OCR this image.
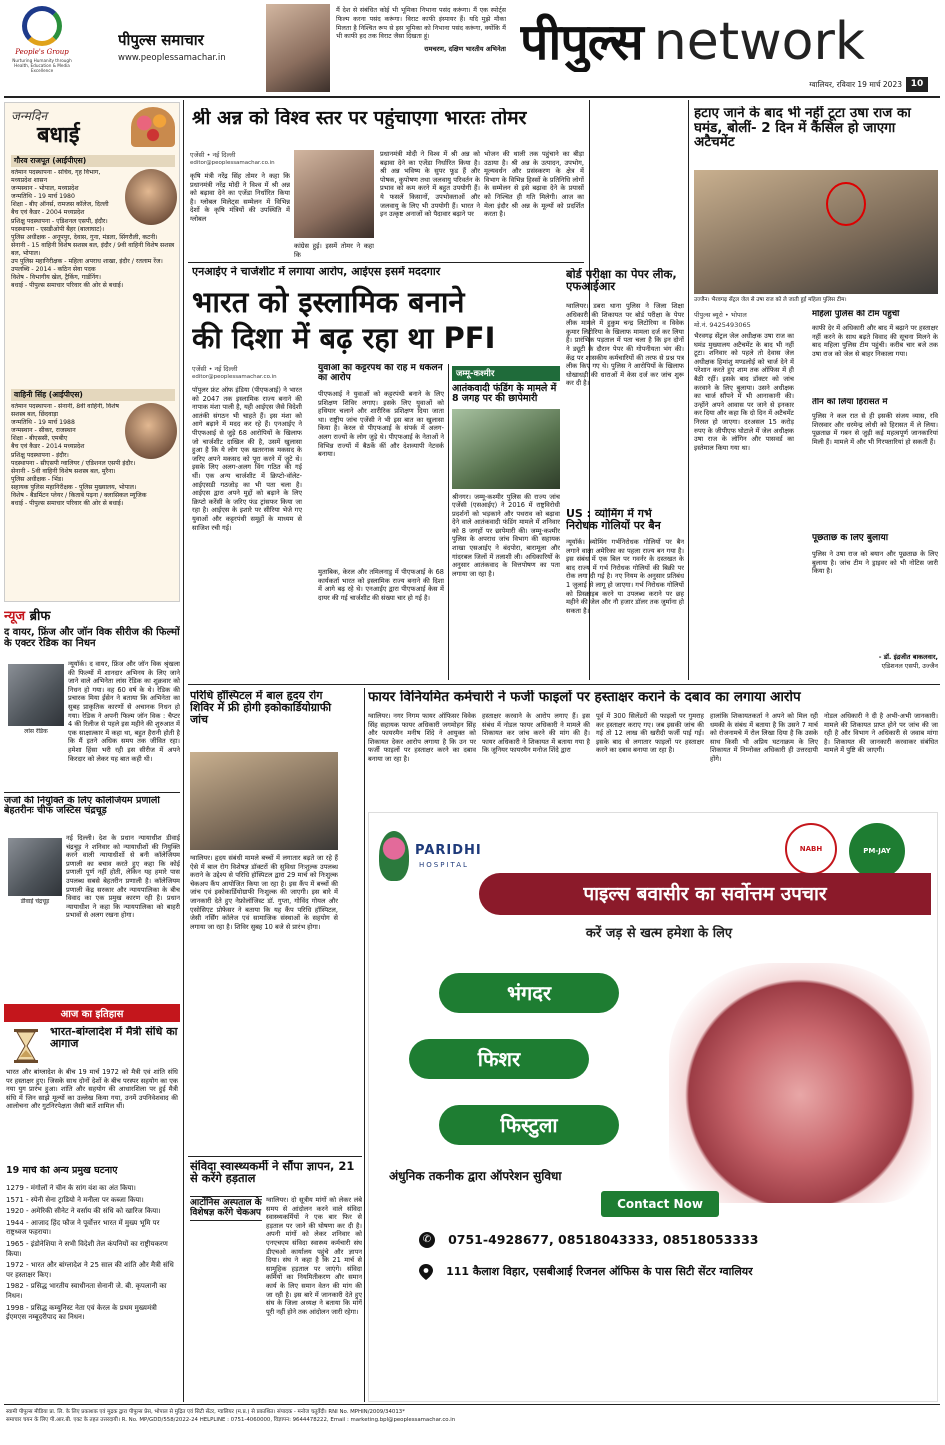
People's Group
Nurturing Humanity through Health, Education & Media Excellence
पीपुल्स समाचार
www.peoplessamachar.in
मैं देश से संबंधित कोई भी भूमिका निभाना पसंद करूंगा। मैं एक स्पोर्ट्स फिल्म करना पसंद करूंगा। विराट काफी इंस्पायर हैं। यदि मुझे मौका मिलता है निश्चित रूप से इस भूमिका को निभाना पसंद करूंगा, क्योंकि मैं भी काफी हद तक विराट जैसा दिखता हूं।
रामचरण, दक्षिण भारतीय अभिनेता पीपुल्स network
ग्वालियर, रविवार 19 मार्च 2023 10
जन्मदिन
बधाई
गौरव राजपूत (आईपीएस)
वर्तमान पदस्थापना - सचिव, गृह विभाग, मध्यप्रदेश शासन
जन्मस्थान - भोपाल, मध्यप्रदेश
जन्मतिथि - 19 मार्च 1980
शिक्षा - बीए ऑनर्स, रामजस कॉलेज, दिल्ली
बैच एवं कैडर - 2004 मध्यप्रदेश
प्रशिक्षु पदस्थापना - एडिशनल एसपी, इंदौर।
पदस्थापना - एसडीओपी बैहर (बालाघाट)।
पुलिस अधीक्षक - अनूपपुर, देवास, गुना, मंडला, सिंगरौली, कटनी।
सेनानी - 15 वाहिनी विशेष सशस्त्र बल, इंदौर / 9वी वाहिनी विशेष सशस्त्र बल, भोपाल।
उप पुलिस महानिरीक्षक - महिला अपराध शाखा, इंदौर / रतलाम रेंज।
उपलब्धि - 2014 - कठिन सेवा पदक
विशेष - विभागीय खेल, ट्रैकिंग, गार्डनिंग।
बधाई - पीपुल्स समाचार परिवार की ओर से बधाई।
वाहिनी सिंह (आईपीएस)
वर्तमान पदस्थापना - सेनानी, 8वी वाहिनी, विशेष सशस्त्र बल, छिंदवाड़ा
जन्मतिथि - 19 मार्च 1988
जन्मस्थान - सीकर, राजस्थान
शिक्षा - बीएससी, एमबीए
बैच एवं कैडर - 2014 मध्यप्रदेश
प्रशिक्षु पदस्थापना - इंदौर।
पदस्थापना - सीएसपी ग्वालियर / एडिशनल एसपी इंदौर।
सेनानी - 5वी वाहिनी विशेष सशस्त्र बल, मुरैना।
पुलिस अधीक्षक - भिंड।
सहायक पुलिस महानिरीक्षक - पुलिस मुख्यालय, भोपाल।
विशेष - बैडमिंटन प्लेयर / किताबें पढ़ना / क्लासिकल म्यूजिक
बधाई - पीपुल्स समाचार परिवार की ओर से बधाई।
न्यूज ब्रीफ
द वायर, फ्रिंज और जॉन विक सीरीज की फिल्मों के एक्टर रेडिक का निधन
लांस रेडिक
न्यूयॉर्क। द वायर, फ्रिंज और जॉन विक श्रृंखला की फिल्मों में शानदार अभिनय के लिए जाने जाने वाले अभिनेता लांस रेडिक का शुक्रवार को निधन हो गया। वह 60 वर्ष के थे। रेडिक की प्रचारक मिया ईसेन ने बताया कि अभिनेता का सुबह प्राकृतिक कारणों से अचानक निधन हो गया। रेडिक ने अपनी फिल्म जॉन विक : चैप्टर 4 की रिलीज से पहले इस महीने की शुरुआत में एक साक्षात्कार में कहा था, बहुत हैरानी होती है कि मैं इतने अधिक समय तक जीवित रहा। हमेशा हिंसा भरी रही इस सीरीज में अपने किरदार को लेकर यह बात कही थी।
जजों की नियुक्ति के लिए कॉलेजियम प्रणाली बेहतरीनः चीफ जस्टिस चंद्रचूड़
नई दिल्ली। देश के प्रधान न्यायाधीश डीवाई चंद्रचूड़ ने शनिवार को न्यायाधीशों की नियुक्ति करने वाली न्यायाधीशों से बनी कॉलेजियम प्रणाली का बचाव करते हुए कहा कि कोई प्रणाली पूर्ण नहीं होती, लेकिन यह हमारे पास उपलब्ध सबसे बेहतरीन प्रणाली है। कॉलेजियम प्रणाली केंद्र सरकार और न्यायपालिका के बीच विवाद का एक प्रमुख कारण रही है। प्रधान न्यायाधीश ने कहा कि न्यायपालिका को बाहरी प्रभावों से अलग रखना होगा।
डीवाई चंद्रचूड़
आज का इतिहास
भारत-बांग्लादेश में मैत्री संधि का आगाज
भारत और बांग्लादेश के बीच 19 मार्च 1972 को मैत्री एवं शांति संधि पर हस्ताक्षर हुए। जिसके साथ दोनों देशों के बीच परस्पर सहयोग का एक नया युग प्रारंभ हुआ। शांति और सहयोग की आधारशिला पर हुई मैत्री संधि में जिन साझे मूल्यों का उल्लेख किया गया, उनमें उपनिवेशवाद की आलोचना और गुटनिरपेक्षता जैसी बातें शामिल थीं।
19 मार्च की अन्य प्रमुख घटनाएं
1279 - मंगोलों ने चीन के सांग वंश का अंत किया।
1571 - स्पेनी सेना ट्राडियो ने मनीला पर कब्जा किया।
1920 - अमेरिकी सीनेट ने वर्साय की संधि को खारिज किया।
1944 - आजाद हिंद फौज ने पूर्वोत्तर भारत में मुख्य भूमि पर राष्ट्रध्वज फहराया।
1965 - इंडोनेशिया ने सभी विदेशी तेल कंपनियों का राष्ट्रीयकरण किया।
1972 - भारत और बांग्लादेश ने 25 साल की शांति और मैत्री संधि पर हस्ताक्षर किए।
1982 - प्रसिद्ध भारतीय स्वाधीनता सेनानी जे. बी. कृपलानी का निधन।
1998 - प्रसिद्ध कम्युनिस्ट नेता एवं केरल के प्रथम मुख्यमंत्री ईएमएस नम्बूदरीपाद का निधन।
श्री अन्न को विश्व स्तर पर पहुंचाएगा भारतः तोमर
एजेंसी • नई दिल्ली
editor@peoplessamachar.co.in
कृषि मंत्री नरेंद्र सिंह तोमर ने कहा कि प्रधानमंत्री नरेंद्र मोदी ने विश्व में श्री अन्न को बढ़ावा देने का एजेंडा निर्धारित किया है। ग्लोबल मिलेट्स सम्मेलन में विभिन्न देशों के कृषि मंत्रियों की उपस्थिति में ग्लोबल
कांग्रेस हुई। इसमें तोमर ने कहा कि
प्रधानमंत्री मोदी ने विश्व में श्री अन्न को बढ़ावा देने का एजेंडा निर्धारित किया है। श्री अन्न भविष्य के सुपर फूड हैं और पोषक, कुपोषण तथा जलवायु परिवर्तन के प्रभाव को कम करने में बहुत उपयोगी हैं। ये फसलें किसानों, उपभोक्ताओं और जलवायु के लिए भी उपयोगी हैं। भारत ने इन उत्कृष्ट अनाजों को पैदावार बढ़ाने पर
भोजन की थाली तक पहुंचाने का बीड़ा उठाया है। श्री अन्न के उत्पादन, उपभोग, मूल्यवर्धन और प्रसंस्करण के क्षेत्र में विभाग के विभिन्न हिस्सों के प्रतिनिधि लोगों के सम्मेलन से इसे बढ़ावा देने के प्रयासों को निश्चित ही गति मिलेगी। आज का मेला इंदौर श्री अन्न के मूल्यों को प्रदर्शित करता है।
एनआईए ने चार्जशीट में लगाया आरोप, आईएस इसमें मददगार
भारत को इस्लामिक बनाने
की दिशा में बढ़ रहा था PFI
एजेंसी • नई दिल्ली
editor@peoplessamachar.co.in
पॉपुलर फ्रंट ऑफ इंडिया (पीएफआई) ने भारत को 2047 तक इस्लामिक राज्य बनाने की नापाक मंशा पाली है, यही आईएस जैसे विदेशी आतंकी संगठन भी चाहते हैं। इस मंशा को आगे बढ़ाने में मदद कर रहे हैं। एनआईए ने पीएफआई से जुड़े 68 आरोपियों के खिलाफ जो चार्जशीट दाखिल की है, उसमें खुलासा हुआ है कि ये लोग एक खतरनाक मकसद के जरिए अपने मकसद को पूरा करने में जुटे थे। इसके लिए अलग-अलग विंग गठित की गई थीं। एक अन्य चार्जशीट में क्रिप्टो-वॉलेट-आईएसडी गठजोड़ का भी पता चला है। आईएस द्वारा अपने मुद्दों को बढ़ाने के लिए क्रिप्टो करेंसी के जरिए फंड ट्रांसफर किया जा रहा है। आईएस के इशारे पर सीरिया भेजे गए युवाओं और कट्टरपंथी समूहों के माध्यम से साजिश रची गई।
युवाओं को कट्टरपंथ की राह में धकेलने का आरोप
पीएफआई ने युवाओं को कट्टरपंथी बनाने के लिए प्रशिक्षण शिविर लगाए। इसके लिए युवाओं को हथियार चलाने और शारीरिक प्रशिक्षण दिया जाता था। राष्ट्रीय जांच एजेंसी ने भी इस बात का खुलासा किया है। केरल से पीएफआई के संपर्क में अलग-अलग राज्यों के लोग जुड़े थे। पीएफआई के नेताओं ने विभिन्न राज्यों में बैठकें कीं और देशव्यापी नेटवर्क बनाया।
मुताबिक, केरल और तमिलनाडु में पीएफआई के 68 कार्यकर्ता भारत को इस्लामिक राज्य बनाने की दिशा में आगे बढ़ रहे थे। एनआईए द्वारा पीएफआई केस में दायर की गई चार्जशीट की संख्या चार हो गई है।
बोर्ड परीक्षा का पेपर लीक, एफआईआर
ग्वालियर। डबरा थाना पुलिस ने जिला शिक्षा अधिकारी की शिकायत पर बोर्ड परीक्षा के पेपर लीक मामले में हुकुम चन्द्र लिटोरिया व विवेक कुमार लिटोरिया के खिलाफ मामला दर्ज कर लिया है। प्रारंभिक पड़ताल में पता चला है कि इन दोनों ने ड्यूटी के दौरान पेपर की गोपनीयता भंग की। केंद्र पर शासकीय कर्मचारियों की तरफ से प्रश्न पत्र लीक किए गए थे। पुलिस ने आरोपियों के खिलाफ धोखाधड़ी की धाराओं में केस दर्ज कर जांच शुरू कर दी है।
जम्मू-कश्मीर
आतंकवादी फंडिंग के मामले में 8 जगह पर की छापेमारी
श्रीनगर। जम्मू-कश्मीर पुलिस की राज्य जांच एजेंसी (एसआईए) ने 2016 में राष्ट्रविरोधी प्रदर्शनों को भड़काने और पथराव को बढ़ावा देने वाले आतंकवादी फंडिंग मामले में शनिवार को 8 जगहों पर छापेमारी की। जम्मू-कश्मीर पुलिस के अपराध जांच विभाग की सहायक शाखा एसआईए ने बंदपोरा, बारामूला और गांदरबल जिलों में तलाशी ली। अधिकारियों के अनुसार आतंकवाद के वित्तपोषण का पता लगाया जा रहा है।
US : व्योमिंग में गर्भ निरोधक गोलियों पर बैन
न्यूयॉर्क। व्योमिंग गर्भनिरोधक गोलियों पर बैन लगाने वाला अमेरिका का पहला राज्य बन गया है। इस संबंध में एक बिल पर गवर्नर के दस्तखत के बाद राज्य में गर्भ निरोधक गोलियों की बिक्री पर रोक लगा दी गई है। नए नियम के अनुसार प्रतिबंध 1 जुलाई से लागू हो जाएगा। गर्भ निरोधक गोलियों को प्रिस्क्राइब करने या उपलब्ध कराने पर छह महीने की जेल और नौ हजार डॉलर तक जुर्माना हो सकता है।
हटाए जाने के बाद भी नहीं टूटा उषा राज का घमंड, बोलीं- 2 दिन में कैंसिल हो जाएगा अटैचमेंट
उज्जैन। भैरवगढ़ सेंट्रल जेल से उषा राज को ले जाती हुई महिला पुलिस टीम।
पीपुल्स ब्यूरो • भोपाल
मो.नं. 9425493065
भैरवगढ़ सेंट्रल जेल अधीक्षक उषा राज का घमंड मुख्यालय अटैचमेंट के बाद भी नहीं टूटा। शनिवार को पहले तो देवास जेल अधीक्षक हिमांशु मण्डलोई को चार्ज देने में परेशान करते हुए शाम तक ऑफिस में ही बैठी रहीं। इसके बाद डॉक्टर को जांच करवाने के लिए बुलाया। उसने अधीक्षक का चार्ज सौंपने में भी आनाकानी की। उन्होंने अपने आवास पर जाने से इनकार कर दिया और कहा कि दो दिन में अटैचमेंट निरस्त हो जाएगा। दरअसल 15 करोड़ रुपए के जीपीएफ घोटाले में जेल अधीक्षक उषा राज के लॉगिन और पासवर्ड का इस्तेमाल किया गया था।
महिला पुलिस की टीम पहुंची
काफी देर में अधिकारी और बाद में बढ़ाने पर हस्ताक्षर नहीं करने के साथ बढ़ते विवाद की सूचना मिलने के बाद महिला पुलिस टीम पहुंची। करीब चार बजे तक उषा राज को जेल से बाहर निकाला गया।
तीन को लिया हिरासत में
पुलिस ने कल रात से ही इसकी संजय व्यास, रवि शिरस्वार और धरमेन्द्र लोधी को हिरासत में ले लिया। पूछताछ में गबन से जुड़ी कई महत्वपूर्ण जानकारियां मिली हैं। मामले में और भी गिरफ्तारियां हो सकती हैं।
पूछताछ के लिए बुलाया
पुलिस ने उषा राज को बयान और पूछताछ के लिए बुलाया है। जांच टीम ने ड्राइवर को भी नोटिस जारी किया है।
- डॉ. इंद्रजीत बाकलवार,
एडिशनल एसपी, उज्जैन
परिधि हॉस्पिटल में बाल हृदय रोग शिविर में फ्री होगी इकोकार्डियोग्राफी जांच
ग्वालियर। हृदय संबंधी मामले बच्चों में लगातार बढ़ते जा रहे हैं ऐसे में बाल रोग विशेषज्ञ डॉक्टरों की सुविधा निःशुल्क उपलब्ध कराने के उद्देश्य से परिधि हॉस्पिटल द्वारा 29 मार्च को निःशुल्क चेकअप कैंप आयोजित किया जा रहा है। इस कैंप में बच्चों की जांच एवं इकोकार्डियोग्राफी निःशुल्क की जाएगी। इस बारे में जानकारी देते हुए नेफ्रोलॉजिस्ट डॉ. गुप्ता, गोविंद गोयल और एसोसिएट प्रोफेसर ने बताया कि यह कैंप परिधि हॉस्पिटल, जेसी नर्सिंग कॉलेज एवं सामाजिक संस्थाओं के सहयोग से लगाया जा रहा है। शिविर सुबह 10 बजे से प्रारंभ होगा।
संविदा स्वास्थ्यकर्मी ने सौंपा ज्ञापन, 21 से करेंगे हड़ताल
आर्टोनिस अस्पताल के विशेषज्ञ करेंगे चेकअप
ग्वालियर। दो सूत्रीय मांगों को लेकर लंबे समय से आंदोलन करने वाले संविदा स्वास्थ्यकर्मियों ने एक बार फिर से हड़ताल पर जाने की घोषणा कर दी है। अपनी मांगों को लेकर शनिवार को एनएचएम संविदा स्वास्थ्य कर्मचारी संघ डीएचओ कार्यालय पहुंचे और ज्ञापन दिया। संघ ने कहा है कि 21 मार्च से सामूहिक हड़ताल पर जाएंगे। संविदा कर्मियों का नियमितीकरण और समान कार्य के लिए समान वेतन की मांग की जा रही है। इस बारे में जानकारी देते हुए संघ के जिला अध्यक्ष ने बताया कि मांगें पूरी नहीं होने तक आंदोलन जारी रहेगा।
फायर विनियमित कर्मचारी ने फर्जी फाइलों पर हस्ताक्षर कराने के दबाव का लगाया आरोप
ग्वालियर। नगर निगम फायर ऑफिसर विवेक सिंह सहायक फायर अधिकारी जगमोहन सिंह और फायरमैन मनीष शिंदे ने आयुक्त को शिकायत देकर आरोप लगाया है कि उन पर फर्जी फाइलों पर हस्ताक्षर करने का दबाव बनाया जा रहा है।
हस्ताक्षर करवाने के आरोप लगाए हैं। इस संबंध में नोडल फायर अधिकारी ने मामले की शिकायत कर जांच करने की मांग की है। फायर अधिकारी ने शिकायत में बताया गया है कि जूनियर फायरमैन मनोज शिंदे द्वारा
पूर्व में 300 सिलेंडरों की फाइलों पर गुमराह कर हस्ताक्षर कराए गए। जब इसकी जांच की गई तो 12 लाख की खरीदी फर्जी पाई गई। इसके बाद से लगातार फाइलों पर हस्ताक्षर करने का दबाव बनाया जा रहा है।
हालांकि शिकायतकर्ता ने अपने को मिल रही धमकी के संबंध में बताया है कि उसने 7 मार्च को रोजनामचे में रोल लिखा दिया है कि उसके साथ किसी भी अप्रिय घटनाक्रम के लिए शिकायत में निम्नोक्त अधिकारी ही उत्तरदायी होंगे।
नोडल अधिकारी ने दी है अभी-अभी जानकारी। मामले की शिकायत प्राप्त होने पर जांच की जा रही है और विभाग ने अधिकारी से जवाब मांगा है। शिकायत की जानकारी करवाकर संबंधित मामले में पुष्टि की जाएगी।
PARIDHI
HOSPITAL
NABH	PM-JAY
पाइल्स बवासीर का सर्वोत्तम उपचार
करें जड़ से खत्म हमेशा के लिए
भंगदर
फिशर
फिस्टुला
अंधुनिक तकनीक द्वारा ऑपरेशन सुविधा
Contact Now
✆ 0751-4928677, 08518043333, 08518053333
111 कैलाश विहार, एसबीआई रिजनल ऑफिस के पास सिटी सेंटर ग्वालियर
स्वामी पीपुल्स मीडिया प्रा. लि. के लिए प्रकाशक एवं मुद्रक द्वारा पीपुल्स प्रेस, भोपाल से मुद्रित एवं सिटी सेंटर, ग्वालियर (म.प्र.) से प्रकाशित। संपादक - मनोज चतुर्वेदी। RNI No. MPHIN/2009/34013*
समाचार चयन के लिए पी.आर.बी. एक्ट के तहत उत्तरदायी। R. No. MP/GDD/558/2022-24 HELPLINE : 0751-4060000, विज्ञापन: 9644478222, Email : marketing.bpl@peoplessamachar.co.in
